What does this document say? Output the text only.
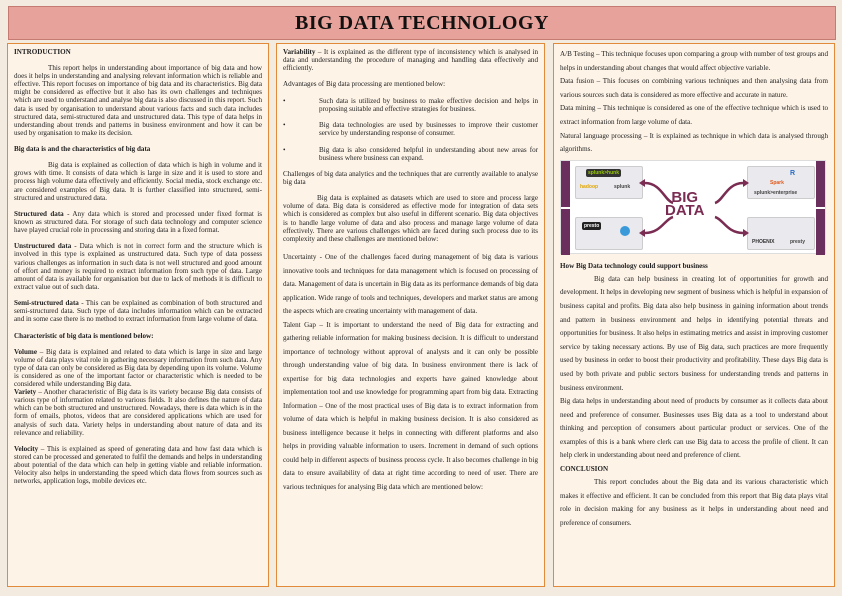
BIG DATA TECHNOLOGY
INTRODUCTION

This report helps in understanding about importance of big data and how does it helps in understanding and analysing relevant information which is reliable and effective. This report focuses on importance of big data and its characteristics. Big data might be considered as effective but it also has its own challenges and techniques which are used to understand and analyse big data is also discussed in this report. Such data is used by organisation to understand about various facts and such data includes structured data, semi-structured data and unstructured data. This type of data helps in understanding about trends and patterns in business environment and how it can be used by organisation to make its decision.

Big data is and the characteristics of big data

Big data is explained as collection of data which is high in volume and it grows with time. It consists of data which is large in size and it is used to store and process high volume data effectively and efficiently. Social media, stock exchange etc. are considered examples of Big data. It is further classified into structured, semi-structured and unstructured data.

Structured data - Any data which is stored and processed under fixed format is known as structured data. For storage of such data technology and computer science have played crucial role in processing and storing data in a fixed format.

Unstructured data - Data which is not in correct form and the structure which is involved in this type is explained as unstructured data. Such type of data possess various challenges as information in such data is not well structured and good amount of effort and money is required to extract information from such type of data. Large amount of data is available for organisation but due to lack of methods it is difficult to extract value out of such data.

Semi-structured data - This can be explained as combination of both structured and semi-structured data. Such type of data includes information which can be extracted and in some case there is no method to extract information from large volume of data.

Characteristic of big data is mentioned below:

Volume – Big data is explained and related to data which is large in size and large volume of data plays vital role in gathering necessary information from such data. Any type of data can only be considered as Big data by depending upon its volume. Volume is considered as one of the important factor or characteristic which is needed to be considered while understanding Big data.

Variety – Another characteristic of Big data is its variety because Big data consists of various type of information related to various fields. It also defines the nature of data which can be both structured and unstructured. Nowadays, there is data which is in the form of emails, photos, videos that are considered applications which are used for analysis of such data. Variety helps in understanding about nature of data and its relevance and reliability.

Velocity – This is explained as speed of generating data and how fast data which is stored can be processed and generated to fulfil the demands and helps in understanding about potential of the data which can help in getting viable and reliable information. Velocity also helps in understanding the speed which data flows from sources such as networks, application logs, mobile devices etc.

Variability – It is explained as the different type of inconsistency which is analysed in data and understanding the procedure of managing and handling data effectively and efficiently.

Advantages of Big data processing are mentioned below:

•	Such data is utilized by business to make effective decision and helps in proposing suitable and effective strategies for business.

•	Big data technologies are used by businesses to improve their customer service by understanding response of consumer.

•	Big data is also considered helpful in understanding about new areas for business where business can expand.

Challenges of big data analytics and the techniques that are currently available to analyse big data

Big data is explained as datasets which are used to store and process large volume of data. Big data is considered as effective mode for integration of data sets which is considered as complex but also useful in different scenario. Big data objectives is to handle large volume of data and also process and manage large volume of data effectively. There are various challenges which are faced during such process due to its complexity and these challenges are mentioned below:

Uncertainty - One of the challenges faced during management of big data is various innovative tools and techniques for data management which is focused on processing of data. Management of data is uncertain in Big data as its performance demands of big data application. Wide range of tools and techniques, developers and market status are among the aspects which are creating uncertainty with management of data.

Talent Gap – It is important to understand the need of Big data for extracting and gathering reliable information for making business decision. It is difficult to understand importance of technology without approval of analysts and it can only be possible through understanding value of big data. In business environment there is lack of expertise for big data technologies and experts have gained knowledge about implementation tool and use knowledge for programming apart from big data. Extracting Information – One of the most practical uses of Big data is to extract information from volume of data which is helpful in making business decision. It is also considered as business intelligence because it helps in connecting with different platforms and also helps in providing valuable information to users. Increment in demand of such options could help in different aspects of business process cycle. It also becomes challenge in big data to ensure availability of data at right time according to need of user. There are various techniques for analysing Big data which are mentioned below:

A/B Testing – This technique focuses upon comparing a group with number of test groups and helps in understanding about changes that would affect objective variable.

Data fusion – This focuses on combining various techniques and then analysing data from various sources such data is considered as more effective and accurate in nature.

Data mining – This technique is considered as one of the effective technique which is used to extract information from large volume of data.

Natural language processing – It is explained as technique in which data is analysed through algorithms.

splunk>hunk
hadoop	splunk
presto
R
Spark
splunk>enterprise
PHOENIX	presty
BIG
DATA
How Big Data technology could support business

Big data can help business in creating lot of opportunities for growth and development. It helps in developing new segment of business which is helpful in expansion of business capital and profits. Big data also help business in gaining information about trends and pattern in business environment and helps in identifying potential threats and opportunities for business. It also helps in estimating metrics and assist in improving customer service by taking necessary actions. By use of Big data, such practices are more frequently used by business in order to boost their productivity and profitability. These days Big data is used by both private and public sectors business for understanding trends and patterns in business environment.

Big data helps in understanding about need of products by consumer as it collects data about need and preference of consumer. Businesses uses Big data as a tool to understand about thinking and perception of consumers about particular product or services. One of the examples of this is a bank where clerk can use Big data to access the profile of client. It can help clerk in understanding about need and preference of client.

CONCLUSION

This report concludes about the Big data and its various characteristic which makes it effective and efficient. It can be concluded from this report that Big data plays vital role in decision making for any business as it helps in understanding about need and preference of consumers.
